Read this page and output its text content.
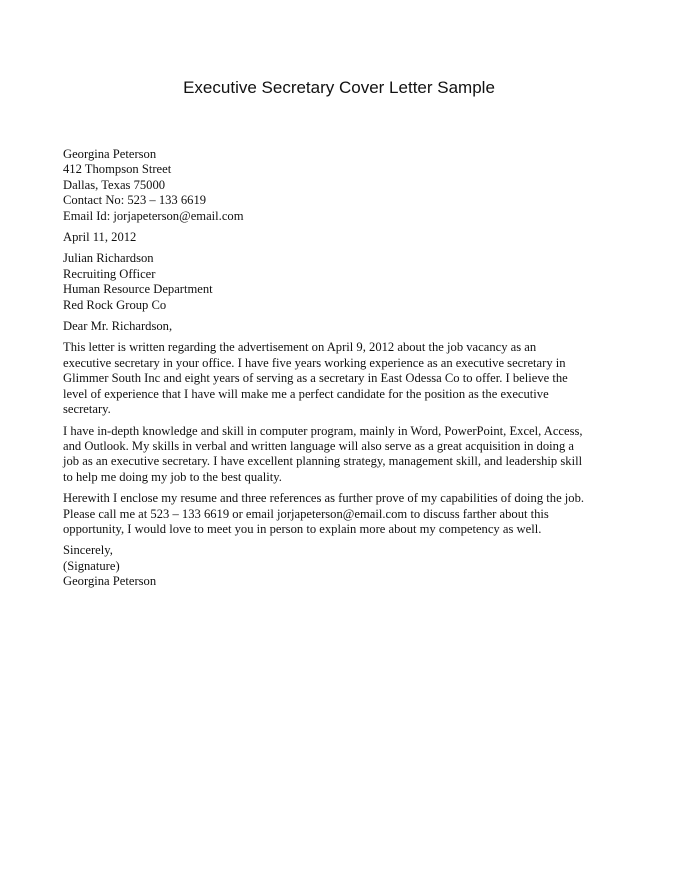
Executive Secretary Cover Letter Sample
Georgina Peterson
412 Thompson Street
Dallas, Texas 75000
Contact No: 523 – 133 6619
Email Id: jorjapeterson@email.com
April 11, 2012
Julian Richardson
Recruiting Officer
Human Resource Department
Red Rock Group Co
Dear Mr. Richardson,
This letter is written regarding the advertisement on April 9, 2012 about the job vacancy as an
executive secretary in your office. I have five years working experience as an executive secretary in
Glimmer South Inc and eight years of serving as a secretary in East Odessa Co to offer. I believe the
level of experience that I have will make me a perfect candidate for the position as the executive
secretary.
I have in-depth knowledge and skill in computer program, mainly in Word, PowerPoint, Excel, Access,
and Outlook. My skills in verbal and written language will also serve as a great acquisition in doing a
job as an executive secretary. I have excellent planning strategy, management skill, and leadership skill
to help me doing my job to the best quality.
Herewith I enclose my resume and three references as further prove of my capabilities of doing the job.
Please call me at 523 – 133 6619 or email jorjapeterson@email.com to discuss farther about this
opportunity, I would love to meet you in person to explain more about my competency as well.
Sincerely,
(Signature)
Georgina Peterson
